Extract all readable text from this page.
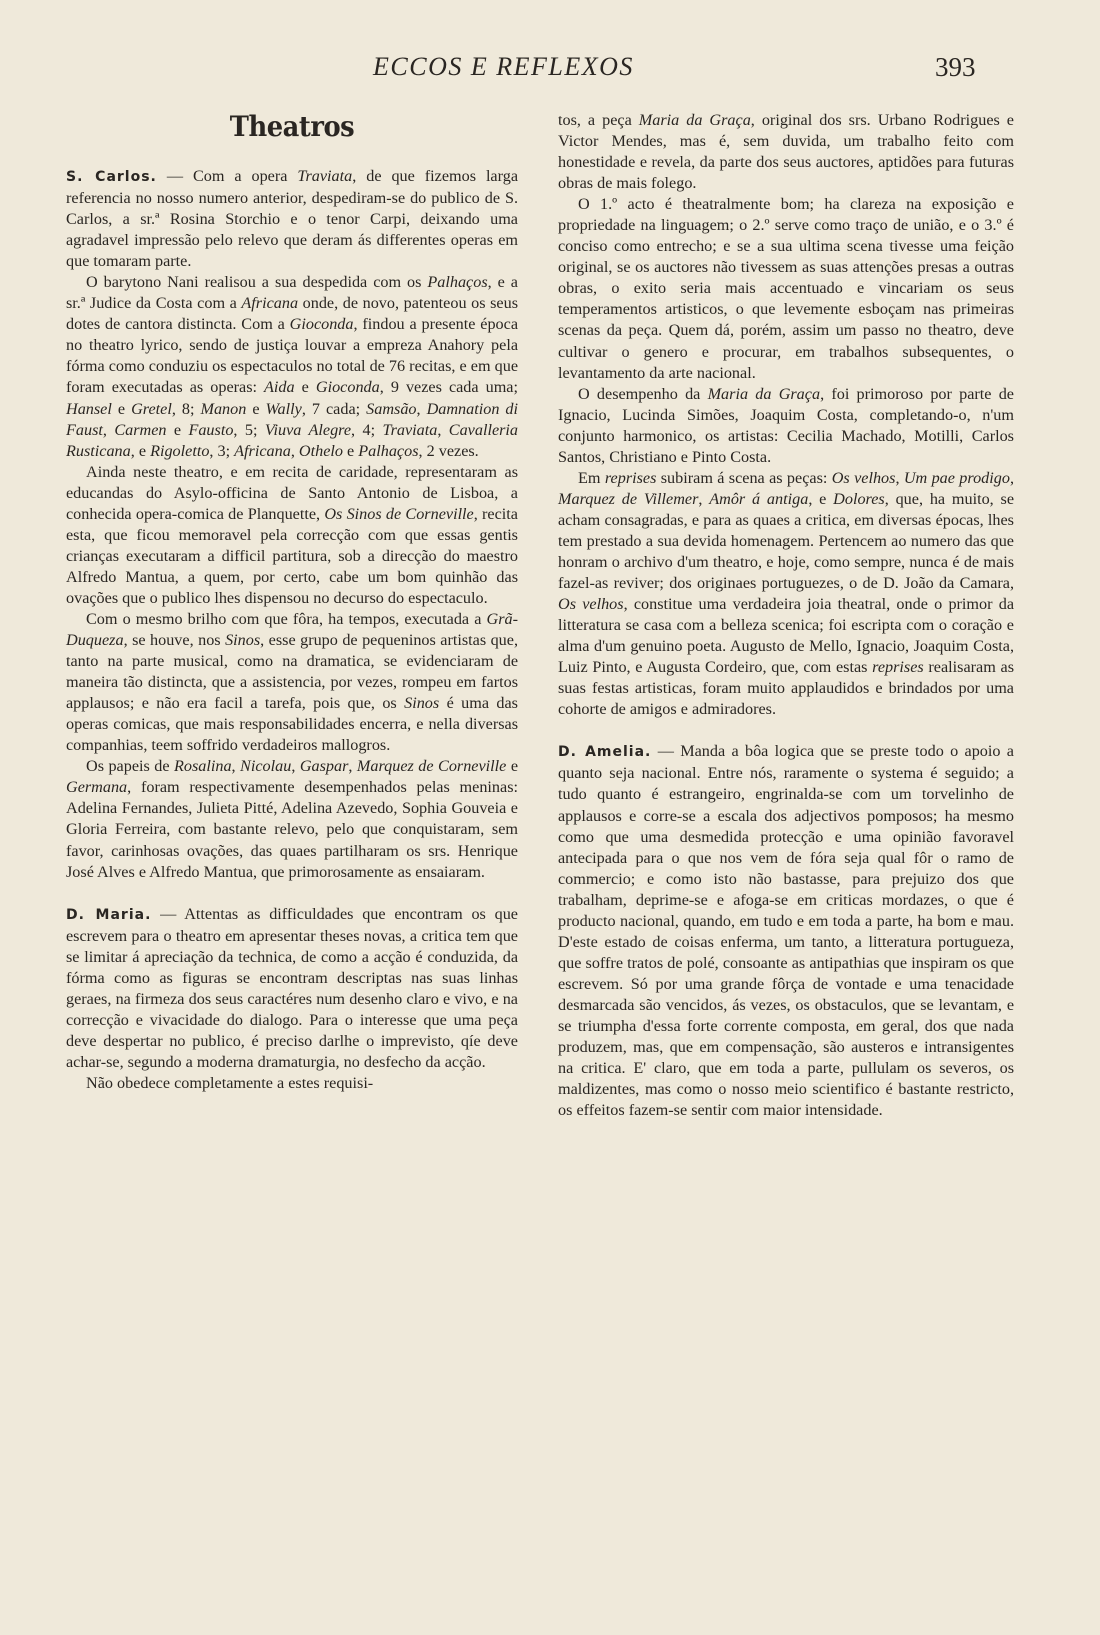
ECCOS E REFLEXOS	393
Theatros

S. Carlos. — Com a opera Traviata, de que fizemos larga referencia no nosso numero anterior, despediram-se do publico de S. Carlos, a sr.ª Rosina Storchio e o tenor Carpi, deixando uma agradavel impressão pelo relevo que deram ás differentes operas em que tomaram parte.

O barytono Nani realisou a sua despedida com os Palhaços, e a sr.ª Judice da Costa com a Africana onde, de novo, patenteou os seus dotes de cantora distincta. Com a Gioconda, findou a presente época no theatro lyrico, sendo de justiça louvar a empreza Anahory pela fórma como conduziu os espectaculos no total de 76 recitas, e em que foram executadas as operas: Aida e Gioconda, 9 vezes cada uma; Hansel e Gretel, 8; Manon e Wally, 7 cada; Samsão, Damnation di Faust, Carmen e Fausto, 5; Viuva Alegre, 4; Traviata, Cavalleria Rusticana, e Rigoletto, 3; Africana, Othelo e Palhaços, 2 vezes.

Ainda neste theatro, e em recita de caridade, representaram as educandas do Asylo-officina de Santo Antonio de Lisboa, a conhecida opera-comica de Planquette, Os Sinos de Corneville, recita esta, que ficou memoravel pela correcção com que essas gentis crianças executaram a difficil partitura, sob a direcção do maestro Alfredo Mantua, a quem, por certo, cabe um bom quinhão das ovações que o publico lhes dispensou no decurso do espectaculo.

Com o mesmo brilho com que fôra, ha tempos, executada a Grã-Duqueza, se houve, nos Sinos, esse grupo de pequeninos artistas que, tanto na parte musical, como na dramatica, se evidenciaram de maneira tão distincta, que a assistencia, por vezes, rompeu em fartos applausos; e não era facil a tarefa, pois que, os Sinos é uma das operas comicas, que mais responsabilidades encerra, e nella diversas companhias, teem soffrido verdadeiros mallogros.

Os papeis de Rosalina, Nicolau, Gaspar, Marquez de Corneville e Germana, foram respectivamente desempenhados pelas meninas: Adelina Fernandes, Julieta Pitté, Adelina Azevedo, Sophia Gouveia e Gloria Ferreira, com bastante relevo, pelo que conquistaram, sem favor, carinhosas ovações, das quaes partilharam os srs. Henrique José Alves e Alfredo Mantua, que primorosamente as ensaiaram.

D. Maria. — Attentas as difficuldades que encontram os que escrevem para o theatro em apresentar theses novas, a critica tem que se limitar á apreciação da technica, de como a acção é conduzida, da fórma como as figuras se encontram descriptas nas suas linhas geraes, na firmeza dos seus caractéres num desenho claro e vivo, e na correcção e vivacidade do dialogo. Para o interesse que uma peça deve despertar no publico, é preciso darlhe o imprevisto, qíe deve achar-se, segundo a moderna dramaturgia, no desfecho da acção.

Não obedece completamente a estes requisi-

tos, a peça Maria da Graça, original dos srs. Urbano Rodrigues e Victor Mendes, mas é, sem duvida, um trabalho feito com honestidade e revela, da parte dos seus auctores, aptidões para futuras obras de mais folego.

O 1.º acto é theatralmente bom; ha clareza na exposição e propriedade na linguagem; o 2.º serve como traço de união, e o 3.º é conciso como entrecho; e se a sua ultima scena tivesse uma feição original, se os auctores não tivessem as suas attenções presas a outras obras, o exito seria mais accentuado e vincariam os seus temperamentos artisticos, o que levemente esboçam nas primeiras scenas da peça. Quem dá, porém, assim um passo no theatro, deve cultivar o genero e procurar, em trabalhos subsequentes, o levantamento da arte nacional.

O desempenho da Maria da Graça, foi primoroso por parte de Ignacio, Lucinda Simões, Joaquim Costa, completando-o, n'um conjunto harmonico, os artistas: Cecilia Machado, Motilli, Carlos Santos, Christiano e Pinto Costa.

Em reprises subiram á scena as peças: Os velhos, Um pae prodigo, Marquez de Villemer, Amôr á antiga, e Dolores, que, ha muito, se acham consagradas, e para as quaes a critica, em diversas épocas, lhes tem prestado a sua devida homenagem. Pertencem ao numero das que honram o archivo d'um theatro, e hoje, como sempre, nunca é de mais fazel-as reviver; dos originaes portuguezes, o de D. João da Camara, Os velhos, constitue uma verdadeira joia theatral, onde o primor da litteratura se casa com a belleza scenica; foi escripta com o coração e alma d'um genuino poeta. Augusto de Mello, Ignacio, Joaquim Costa, Luiz Pinto, e Augusta Cordeiro, que, com estas reprises realisaram as suas festas artisticas, foram muito applaudidos e brindados por uma cohorte de amigos e admiradores.

D. Amelia. — Manda a bôa logica que se preste todo o apoio a quanto seja nacional. Entre nós, raramente o systema é seguido; a tudo quanto é estrangeiro, engrinalda-se com um torvelinho de applausos e corre-se a escala dos adjectivos pomposos; ha mesmo como que uma desmedida protecção e uma opinião favoravel antecipada para o que nos vem de fóra seja qual fôr o ramo de commercio; e como isto não bastasse, para prejuizo dos que trabalham, deprime-se e afoga-se em criticas mordazes, o que é producto nacional, quando, em tudo e em toda a parte, ha bom e mau. D'este estado de coisas enferma, um tanto, a litteratura portugueza, que soffre tratos de polé, consoante as antipathias que inspiram os que escrevem. Só por uma grande fôrça de vontade e uma tenacidade desmarcada são vencidos, ás vezes, os obstaculos, que se levantam, e se triumpha d'essa forte corrente composta, em geral, dos que nada produzem, mas, que em compensação, são austeros e intransigentes na critica. E' claro, que em toda a parte, pullulam os severos, os maldizentes, mas como o nosso meio scientifico é bastante restricto, os effeitos fazem-se sentir com maior intensidade.
